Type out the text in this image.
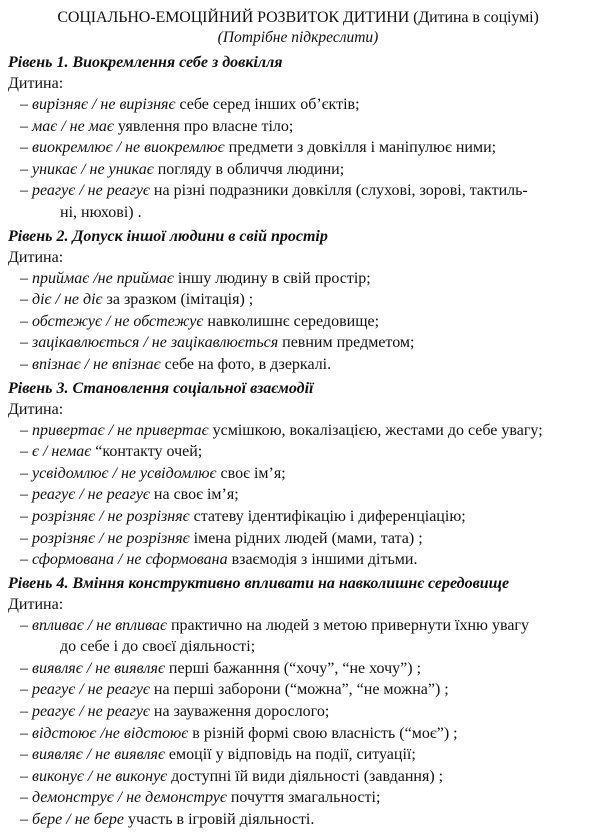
СОЦІАЛЬНО-ЕМОЦІЙНИЙ РОЗВИТОК ДИТИНИ (Дитина в соціумі)
(Потрібне підкреслити)
Рівень 1. Виокремлення себе з довкілля
Дитина:
– вирізняє / не вирізняє себе серед інших об’єктів;
– має / не має уявлення про власне тіло;
– виокремлює / не виокремлює предмети з довкілля і маніпулює ними;
– уникає / не уникає погляду в обличчя людини;
– реагує / не реагує на різні подразники довкілля (слухові, зорові, тактиль-
ні, нюхові) .
Рівень 2. Допуск іншої людини в свій простір
Дитина:
– приймає /не приймає іншу людину в свій простір;
– діє / не діє за зразком (імітація) ;
– обстежує / не обстежує навколишнє середовище;
– зацікавлюється / не зацікавлюється певним предметом;
– впізнає / не впізнає себе на фото, в дзеркалі.
Рівень 3. Становлення соціальної взаємодії
Дитина:
– привертає / не привертає усмішкою, вокалізацією, жестами до себе увагу;
– є / немає “контакту очей;
– усвідомлює / не усвідомлює своє ім’я;
– реагує / не реагує на своє ім’я;
– розрізняє / не розрізняє статеву ідентифікацію і диференціацію;
– розрізняє / не розрізняє імена рідних людей (мами, тата) ;
– сформована / не сформована взаємодія з іншими дітьми.
Рівень 4. Вміння конструктивно впливати на навколишнє середовище
Дитина:
– впливає / не впливає практично на людей з метою привернути їхню увагу
до себе і до своєї діяльності;
– виявляє / не виявляє перші бажанння (“хочу”, “не хочу”) ;
– реагує / не реагує на перші заборони (“можна”, “не можна”) ;
– реагує / не реагує на зауваження дорослого;
– відстоює /не відстоює в різній формі свою власність (“моє”) ;
– виявляє / не виявляє емоції у відповідь на події, ситуації;
– виконує / не виконує доступні їй види діяльності (завдання) ;
– демонструє / не демонструє почуття змагальності;
– бере / не бере участь в ігровій діяльності.
